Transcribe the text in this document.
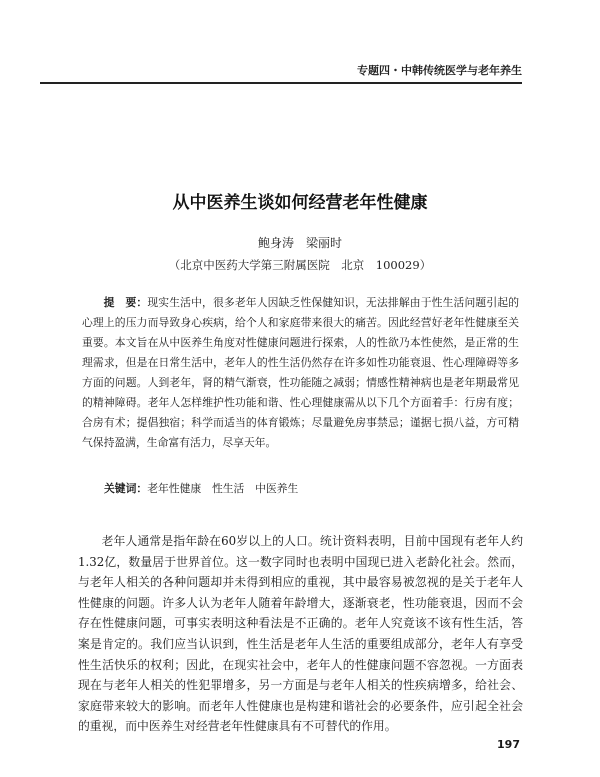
专题四・中韩传统医学与老年养生
从中医养生谈如何经营老年性健康
鲍身涛　梁丽时
（北京中医药大学第三附属医院　北京　100029）

提　要：现实生活中，很多老年人因缺乏性保健知识，无法排解由于性生活问题引起的心理上的压力而导致身心疾病，给个人和家庭带来很大的痛苦。因此经营好老年性健康至关重要。本文旨在从中医养生角度对性健康问题进行探索，人的性欲乃本性使然，是正常的生理需求，但是在日常生活中，老年人的性生活仍然存在许多如性功能衰退、性心理障碍等多方面的问题。人到老年，肾的精气渐衰，性功能随之减弱；情感性精神病也是老年期最常见的精神障碍。老年人怎样维护性功能和谐、性心理健康需从以下几个方面着手：行房有度；合房有术；提倡独宿；科学而适当的体育锻炼；尽量避免房事禁忌；谨据七损八益，方可精气保持盈满，生命富有活力，尽享天年。

关键词：老年性健康　性生活　中医养生

老年人通常是指年龄在60岁以上的人口。统计资料表明，目前中国现有老年人约1.32亿，数量居于世界首位。这一数字同时也表明中国现已进入老龄化社会。然而，与老年人相关的各种问题却并未得到相应的重视，其中最容易被忽视的是关于老年人性健康的问题。许多人认为老年人随着年龄增大，逐渐衰老，性功能衰退，因而不会存在性健康问题，可事实表明这种看法是不正确的。老年人究竟该不该有性生活，答案是肯定的。我们应当认识到，性生活是老年人生活的重要组成部分，老年人有享受性生活快乐的权利；因此，在现实社会中，老年人的性健康问题不容忽视。一方面表现在与老年人相关的性犯罪增多，另一方面是与老年人相关的性疾病增多，给社会、家庭带来较大的影响。而老年人性健康也是构建和谐社会的必要条件，应引起全社会的重视，而中医养生对经营老年性健康具有不可替代的作用。

197
